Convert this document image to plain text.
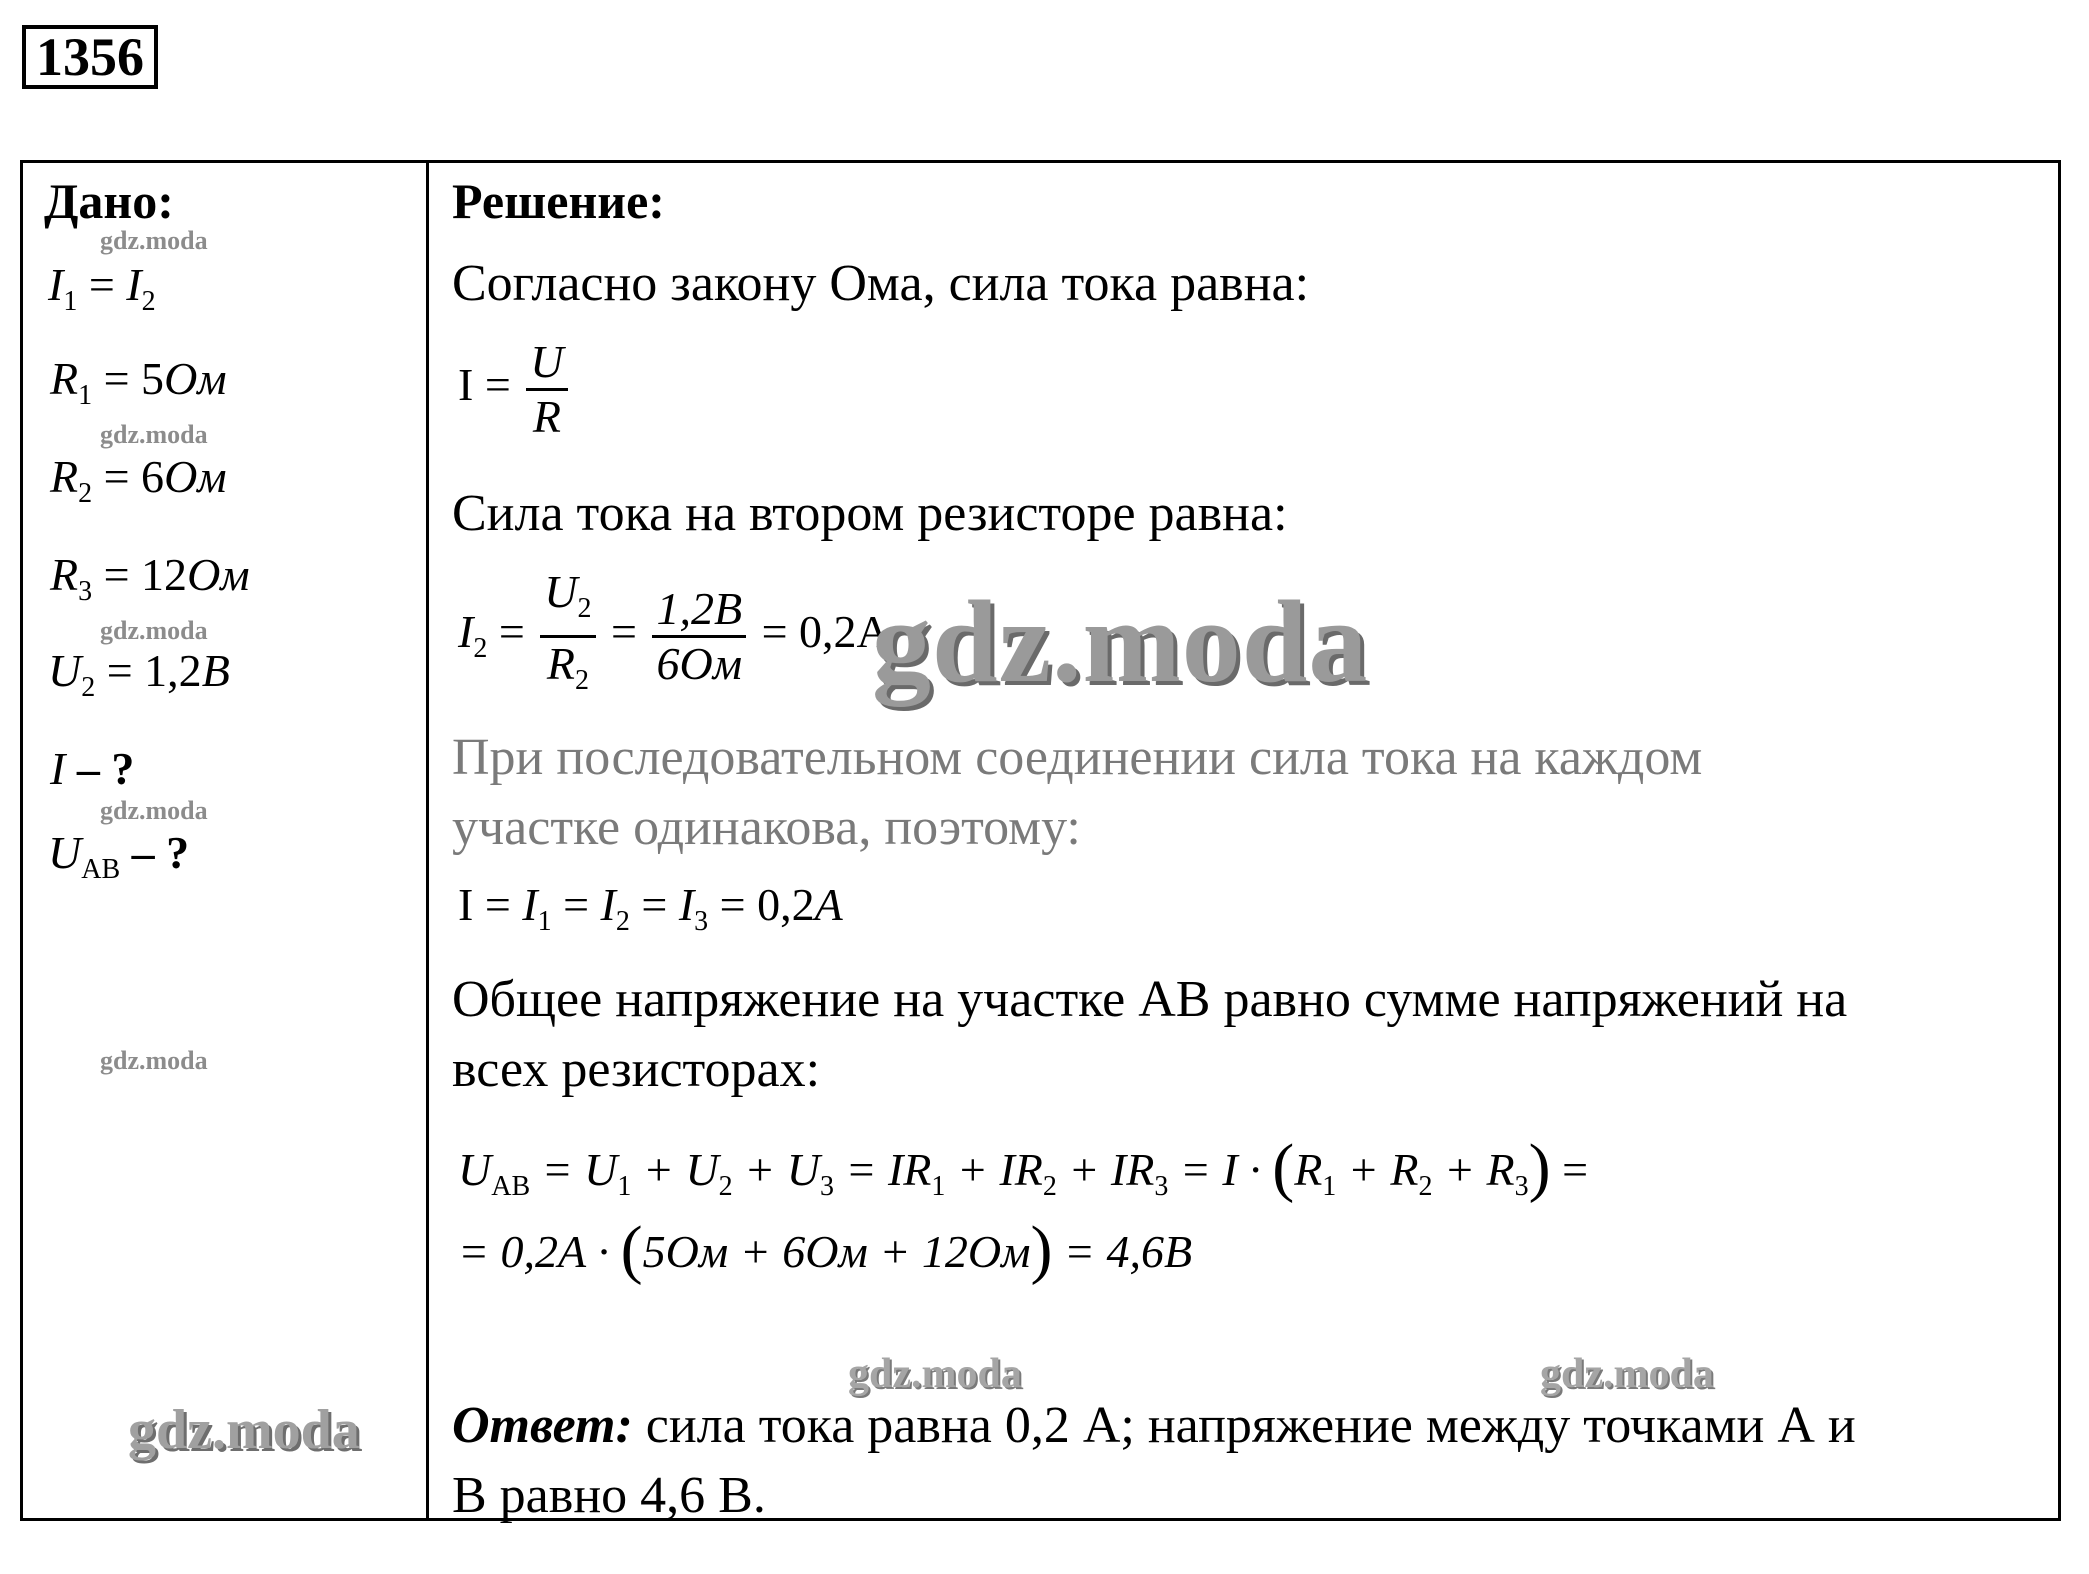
1356
Дано:
gdz.moda
$I_1 = I_2$
$R_1 = 5Ом$
gdz.moda
$R_2 = 6Ом$
$R_3 = 12Ом$
gdz.moda
$U_2 = 1,2В$
I – ?
gdz.moda
$U_{AB}$ – ?
gdz.moda
gdz.moda
Решение:
Согласно закону Ома, сила тока равна:
$I = \frac{U}{R}$
Сила тока на втором резисторе равна:
$I_2 = \frac{U_2}{R_2} = \frac{1,2В}{6Ом} = 0,2А$
gdz.moda
При последовательном соединении сила тока на каждом
участке одинакова, поэтому:
$I = I_1 = I_2 = I_3 = 0,2А$
Общее напряжение на участке АВ равно сумме напряжений на
всех резисторах:
$U_{AB} = U_1 + U_2 + U_3 = IR_1 + IR_2 + IR_3 = I \cdot (R_1 + R_2 + R_3)$ =
= 0,2А · (5Ом + 6Ом + 12Ом) = 4,6В
gdz.moda	gdz.moda
Ответ: сила тока равна 0,2 А; напряжение между точками А и
В равно 4,6 В.
